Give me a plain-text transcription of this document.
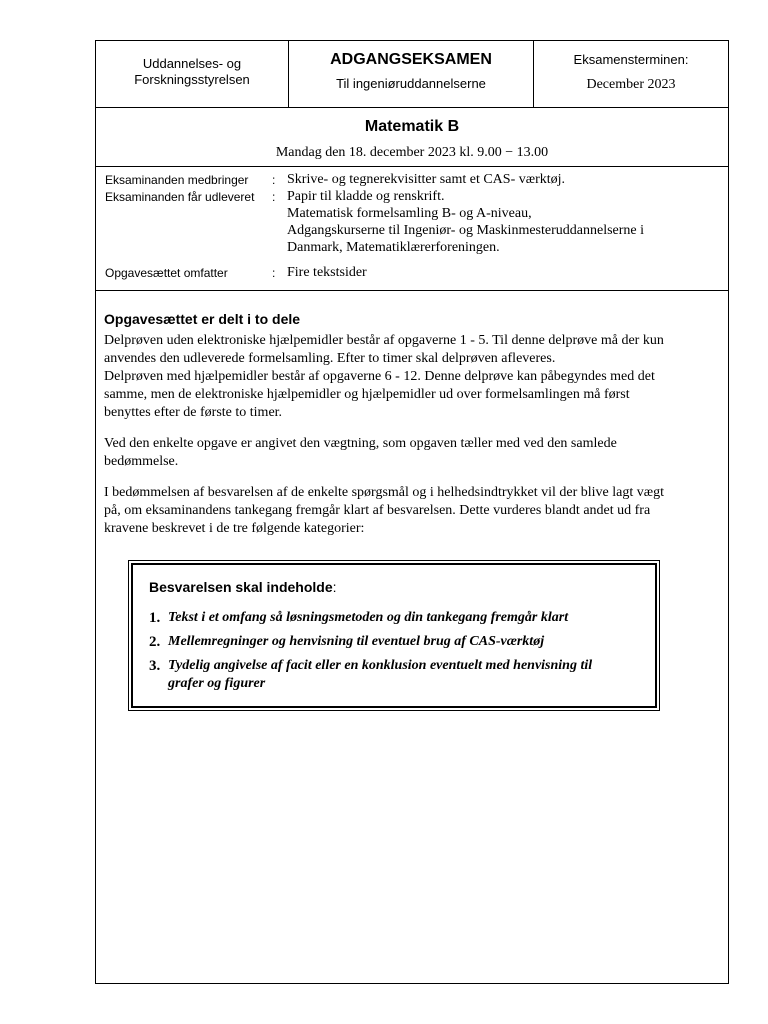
Uddannelses- og
Forskningsstyrelsen
ADGANGSEKSAMEN
Til ingeniøruddannelserne
Eksamensterminen:
December 2023
Matematik B
Mandag den 18. december 2023 kl. 9.00 − 13.00
Eksaminanden medbringer : Skrive- og tegnerekvisitter samt et CAS- værktøj.
Eksaminanden får udleveret : Papir til kladde og renskrift.
Matematisk formelsamling B- og A-niveau,
Adgangskurserne til Ingeniør- og Maskinmesteruddannelserne i
Danmark, Matematiklærerforeningen.
Opgavesættet omfatter	: Fire tekstsider
Opgavesættet er delt i to dele
Delprøven uden elektroniske hjælpemidler består af opgaverne 1 - 5. Til denne delprøve må der kun
anvendes den udleverede formelsamling. Efter to timer skal delprøven afleveres.
Delprøven med hjælpemidler består af opgaverne 6 - 12. Denne delprøve kan påbegyndes med det
samme, men de elektroniske hjælpemidler og hjælpemidler ud over formelsamlingen må først
benyttes efter de første to timer.
Ved den enkelte opgave er angivet den vægtning, som opgaven tæller med ved den samlede
bedømmelse.
I bedømmelsen af besvarelsen af de enkelte spørgsmål og i helhedsindtrykket vil der blive lagt vægt
på, om eksaminandens tankegang fremgår klart af besvarelsen. Dette vurderes blandt andet ud fra
kravene beskrevet i de tre følgende kategorier:
Besvarelsen skal indeholde:
1. Tekst i et omfang så løsningsmetoden og din tankegang fremgår klart
2. Mellemregninger og henvisning til eventuel brug af CAS-værktøj
3. Tydelig angivelse af facit eller en konklusion eventuelt med henvisning til
grafer og figurer
